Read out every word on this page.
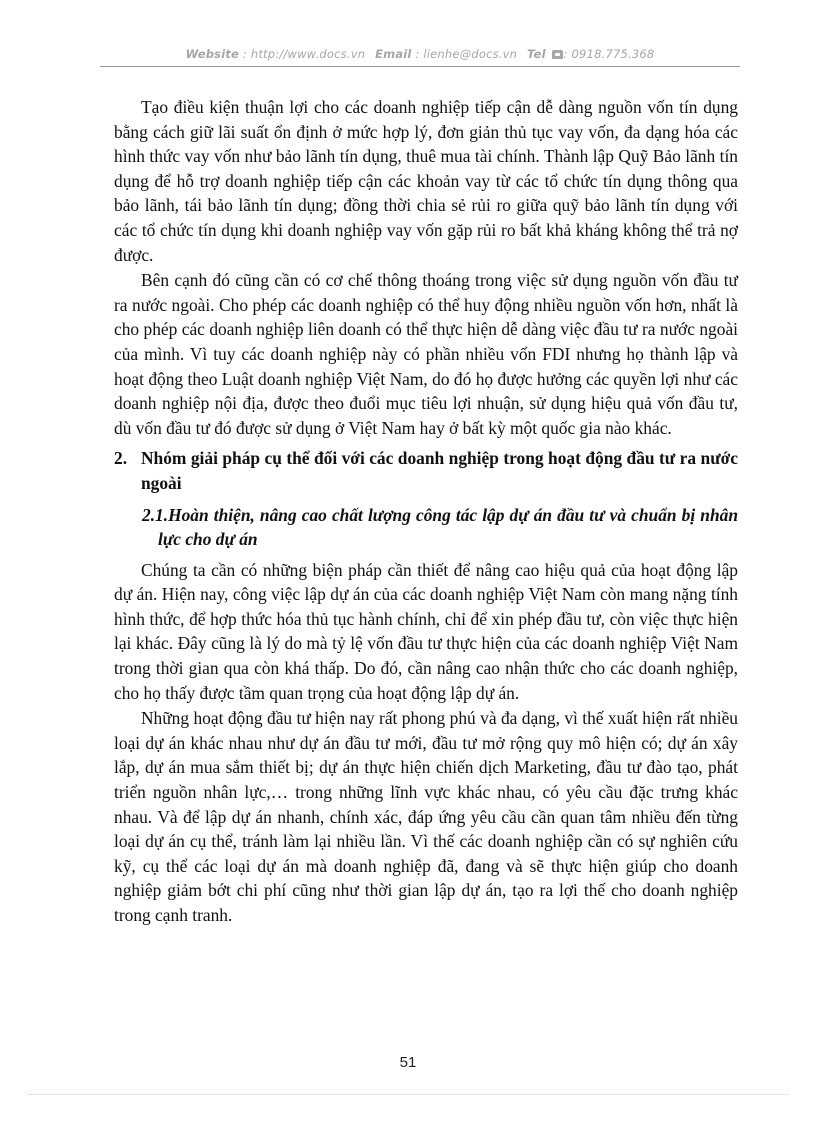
Website : http://www.docs.vn Email : lienhe@docs.vn Tel : 0918.775.368

Tạo điều kiện thuận lợi cho các doanh nghiệp tiếp cận dễ dàng nguồn vốn tín dụng bằng cách giữ lãi suất ổn định ở mức hợp lý, đơn giản thủ tục vay vốn, đa dạng hóa các hình thức vay vốn như bảo lãnh tín dụng, thuê mua tài chính. Thành lập Quỹ Bảo lãnh tín dụng để hỗ trợ doanh nghiệp tiếp cận các khoản vay từ các tổ chức tín dụng thông qua bảo lãnh, tái bảo lãnh tín dụng; đồng thời chia sẻ rủi ro giữa quỹ bảo lãnh tín dụng với các tổ chức tín dụng khi doanh nghiệp vay vốn gặp rủi ro bất khả kháng không thể trả nợ được.

Bên cạnh đó cũng cần có cơ chế thông thoáng trong việc sử dụng nguồn vốn đầu tư ra nước ngoài. Cho phép các doanh nghiệp có thể huy động nhiều nguồn vốn hơn, nhất là cho phép các doanh nghiệp liên doanh có thể thực hiện dễ dàng việc đầu tư ra nước ngoài của mình. Vì tuy các doanh nghiệp này có phần nhiều vốn FDI nhưng họ thành lập và hoạt động theo Luật doanh nghiệp Việt Nam, do đó họ được hưởng các quyền lợi như các doanh nghiệp nội địa, được theo đuổi mục tiêu lợi nhuận, sử dụng hiệu quả vốn đầu tư, dù vốn đầu tư đó được sử dụng ở Việt Nam hay ở bất kỳ một quốc gia nào khác.

2. Nhóm giải pháp cụ thể đối với các doanh nghiệp trong hoạt động đầu tư ra nước ngoài
2.1.Hoàn thiện, nâng cao chất lượng công tác lập dự án đầu tư và chuẩn bị nhân lực cho dự án

Chúng ta cần có những biện pháp cần thiết để nâng cao hiệu quả của hoạt động lập dự án. Hiện nay, công việc lập dự án của các doanh nghiệp Việt Nam còn mang nặng tính hình thức, để hợp thức hóa thủ tục hành chính, chỉ để xin phép đầu tư, còn việc thực hiện lại khác. Đây cũng là lý do mà tỷ lệ vốn đầu tư thực hiện của các doanh nghiệp Việt Nam trong thời gian qua còn khá thấp. Do đó, cần nâng cao nhận thức cho các doanh nghiệp, cho họ thấy được tầm quan trọng của hoạt động lập dự án.

Những hoạt động đầu tư hiện nay rất phong phú và đa dạng, vì thế xuất hiện rất nhiều loại dự án khác nhau như dự án đầu tư mới, đầu tư mở rộng quy mô hiện có; dự án xây lắp, dự án mua sắm thiết bị; dự án thực hiện chiến dịch Marketing, đầu tư đào tạo, phát triển nguồn nhân lực,… trong những lĩnh vực khác nhau, có yêu cầu đặc trưng khác nhau. Và để lập dự án nhanh, chính xác, đáp ứng yêu cầu cần quan tâm nhiều đến từng loại dự án cụ thể, tránh làm lại nhiều lần. Vì thế các doanh nghiệp cần có sự nghiên cứu kỹ, cụ thể các loại dự án mà doanh nghiệp đã, đang và sẽ thực hiện giúp cho doanh nghiệp giảm bớt chi phí cũng như thời gian lập dự án, tạo ra lợi thế cho doanh nghiệp trong cạnh tranh.

51
